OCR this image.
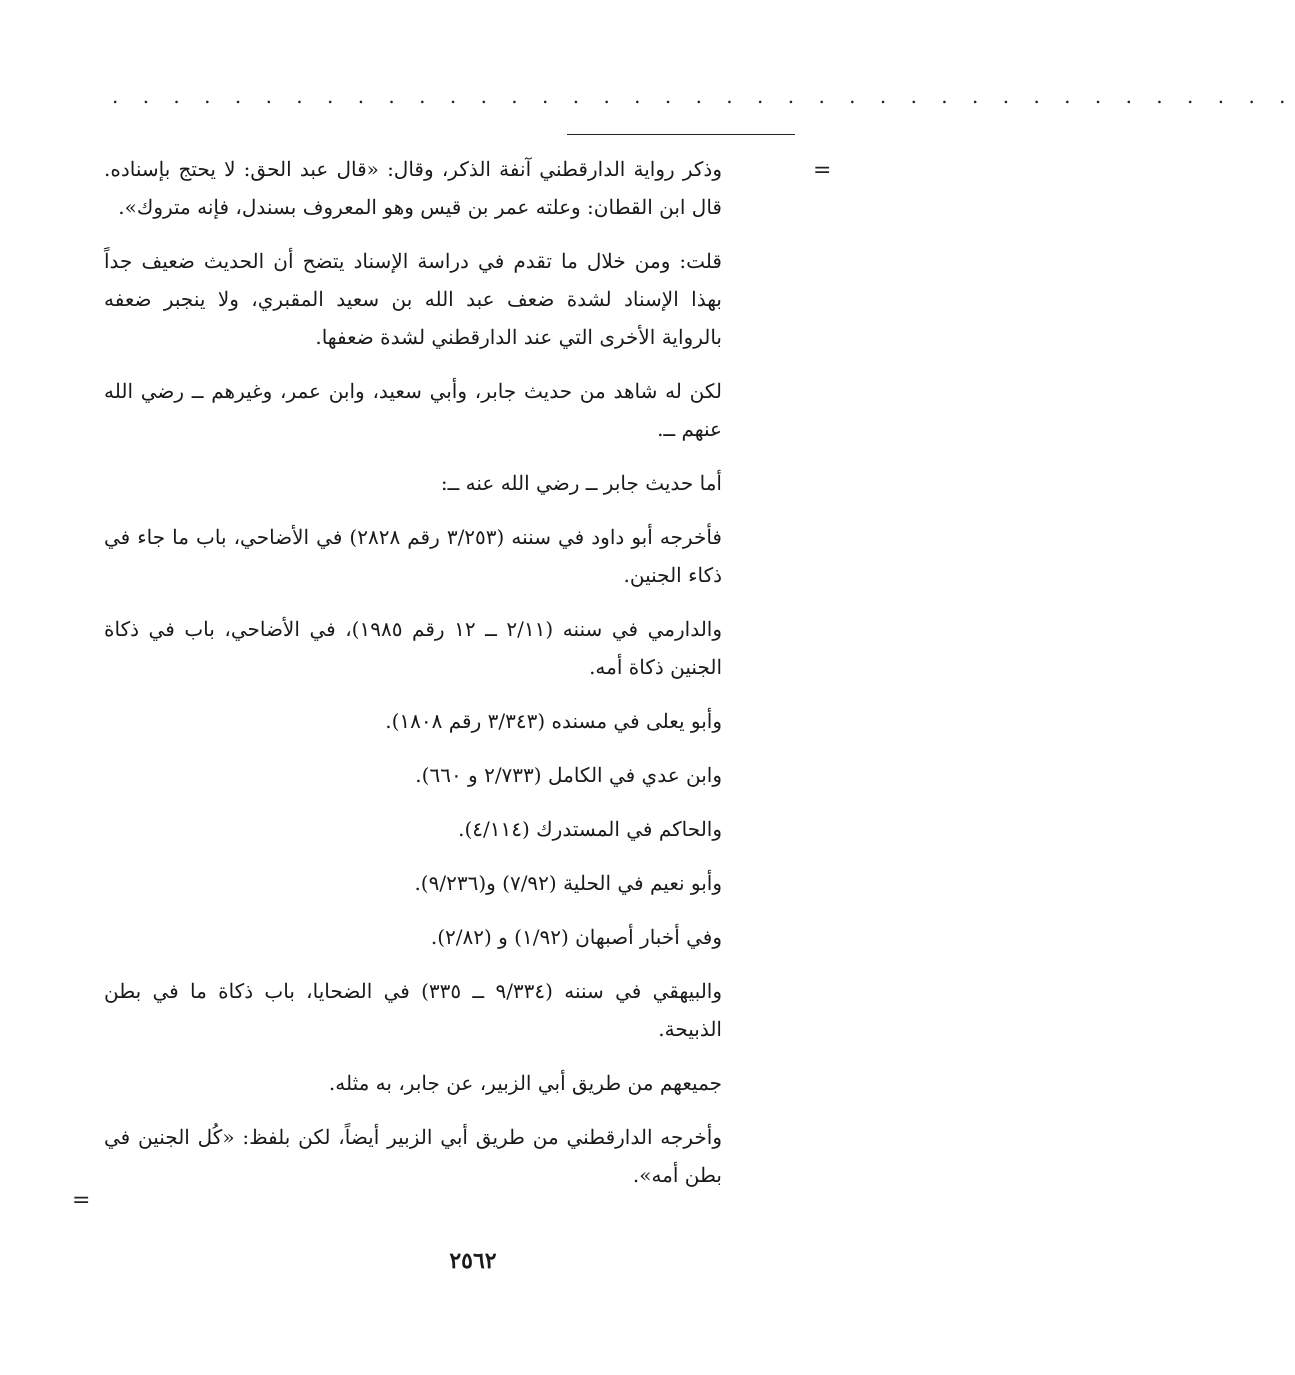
. . . . . . . . . . . . . . . . . . . . . . . . . . . . . . . . . . . . . . .
=

وذكر رواية الدارقطني آنفة الذكر، وقال: «قال عبد الحق: لا يحتج بإسناده. قال ابن القطان: وعلته عمر بن قيس وهو المعروف بسندل، فإنه متروك».

قلت: ومن خلال ما تقدم في دراسة الإسناد يتضح أن الحديث ضعيف جداً بهذا الإسناد لشدة ضعف عبد الله بن سعيد المقبري، ولا ينجبر ضعفه بالرواية الأخرى التي عند الدارقطني لشدة ضعفها.

لكن له شاهد من حديث جابر، وأبي سعيد، وابن عمر، وغيرهم ــ رضي الله عنهم ــ.

أما حديث جابر ــ رضي الله عنه ــ:

فأخرجه أبو داود في سننه (٣/٢٥٣ رقم ٢٨٢٨) في الأضاحي، باب ما جاء في ذكاء الجنين.

والدارمي في سننه (٢/١١ ــ ١٢ رقم ١٩٨٥)، في الأضاحي، باب في ذكاة الجنين ذكاة أمه.

وأبو يعلى في مسنده (٣/٣٤٣ رقم ١٨٠٨).

وابن عدي في الكامل (٢/٧٣٣ و ٦٦٠).

والحاكم في المستدرك (٤/١١٤).

وأبو نعيم في الحلية (٧/٩٢) و(٩/٢٣٦).

وفي أخبار أصبهان (١/٩٢) و (٢/٨٢).

والبيهقي في سننه (٩/٣٣٤ ــ ٣٣٥) في الضحايا، باب ذكاة ما في بطن الذبيحة.

جميعهم من طريق أبي الزبير، عن جابر، به مثله.

وأخرجه الدارقطني من طريق أبي الزبير أيضاً، لكن بلفظ: «كُل الجنين في بطن أمه».

=
٢٥٦٢
